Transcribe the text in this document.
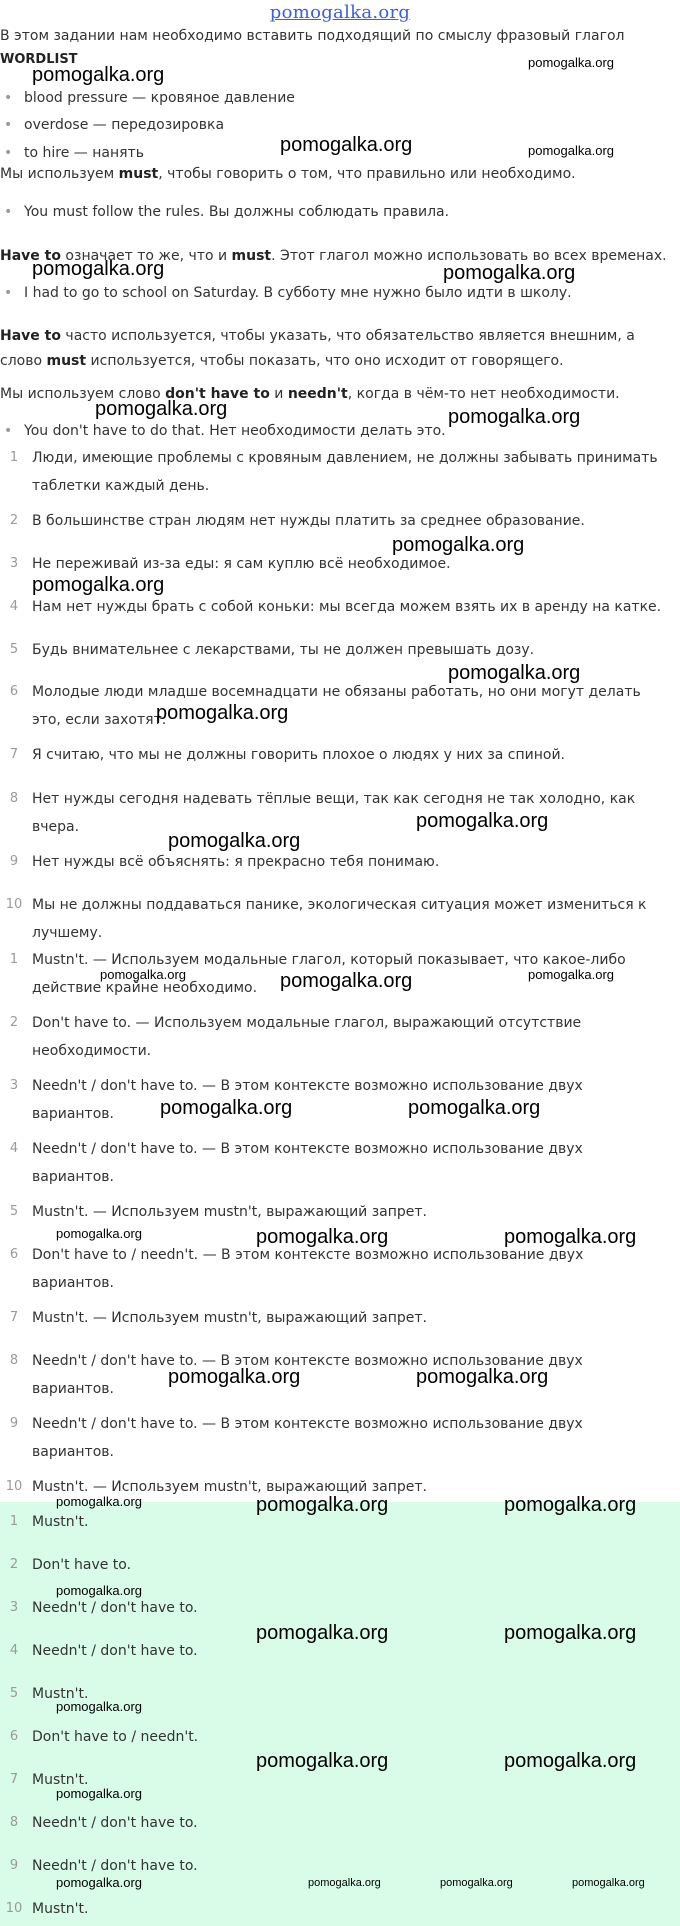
pomogalka.org
В этом задании нам необходимо вставить подходящий по смыслу фразовый глагол
WORDLIST
• blood pressure — кровяное давление
• overdose — передозировка
• to hire — нанять
Мы используем must, чтобы говорить о том, что правильно или необходимо.
• You must follow the rules. Вы должны соблюдать правила.
Have to означает то же, что и must. Этот глагол можно использовать во всех временах.
• I had to go to school on Saturday. В субботу мне нужно было идти в школу.
Have to часто используется, чтобы указать, что обязательство является внешним, а
слово must используется, чтобы показать, что оно исходит от говорящего.
Мы используем слово don't have to и needn't, когда в чём-то нет необходимости.
• You don't have to do that. Нет необходимости делать это.
1 Люди, имеющие проблемы с кровяным давлением, не должны забывать принимать
таблетки каждый день.
2 В большинстве стран людям нет нужды платить за среднее образование.
3 Не переживай из-за еды: я сам куплю всё необходимое.
4 Нам нет нужды брать с собой коньки: мы всегда можем взять их в аренду на катке.
5 Будь внимательнее с лекарствами, ты не должен превышать дозу.
6 Молодые люди младше восемнадцати не обязаны работать, но они могут делать
это, если захотят.
7 Я считаю, что мы не должны говорить плохое о людях у них за спиной.
8 Нет нужды сегодня надевать тёплые вещи, так как сегодня не так холодно, как
вчера.
9 Нет нужды всё объяснять: я прекрасно тебя понимаю.
10 Мы не должны поддаваться панике, экологическая ситуация может измениться к
лучшему.
1 Mustn't. — Используем модальные глагол, который показывает, что какое-либо
действие крайне необходимо.
2 Don't have to. — Используем модальные глагол, выражающий отсутствие
необходимости.
3 Needn't / don't have to. — В этом контексте возможно использование двух
вариантов.
4 Needn't / don't have to. — В этом контексте возможно использование двух
вариантов.
5 Mustn't. — Используем mustn't, выражающий запрет.
6 Don't have to / needn't. — В этом контексте возможно использование двух
вариантов.
7 Mustn't. — Используем mustn't, выражающий запрет.
8 Needn't / don't have to. — В этом контексте возможно использование двух
вариантов.
9 Needn't / don't have to. — В этом контексте возможно использование двух
вариантов.
10 Mustn't. — Используем mustn't, выражающий запрет.
1 Mustn't.
2 Don't have to.
3 Needn't / don't have to.
4 Needn't / don't have to.
5 Mustn't.
6 Don't have to / needn't.
7 Mustn't.
8 Needn't / don't have to.
9 Needn't / don't have to.
10 Mustn't.
pomogalka.org
pomogalka.org
pomogalka.org	pomogalka.org
pomogalka.org	pomogalka.org
pomogalka.org	pomogalka.org
pomogalka.org
pomogalka.org
pomogalka.org
pomogalka.org
pomogalka.org
pomogalka.org
pomogalka.org	pomogalka.org	pomogalka.org
pomogalka.org	pomogalka.org
pomogalka.org	pomogalka.org	pomogalka.org
pomogalka.org	pomogalka.org
pomogalka.org	pomogalka.org	pomogalka.org
pomogalka.org
pomogalka.org	pomogalka.org
pomogalka.org
pomogalka.org	pomogalka.org
pomogalka.org
pomogalka.org	pomogalka.org	pomogalka.org	pomogalka.org
